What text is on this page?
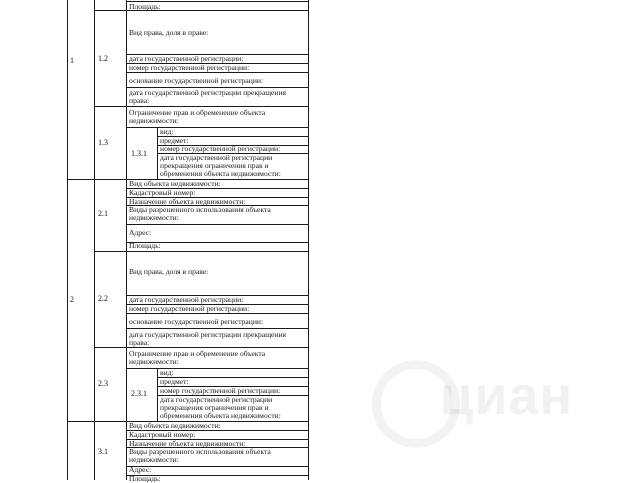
Площадь:
1	1.2
Вид права, доля в праве:
дата государственной регистрации:
номер государственной регистрации:
основание государственной регистрации:
дата государственной регистрации прекращения
права:
1.3
Ограничение прав и обременение объекта
недвижимости:
1.3.1
вид:
предмет:
номер государственной регистрации:
дата государственной регистрации
прекращения ограничения прав и
обременения объекта недвижимости:
2
2.1
Вид объекта недвижимости:
Кадастровый номер:
Назначение объекта недвижимости:
Виды разрешенного использования объекта
недвижимости:
Адрес:
Площадь:
2.2
Вид права, доля в праве:
дата государственной регистрации:
номер государственной регистрации:
основание государственной регистрации:
дата государственной регистрации прекращения
права:
2.3
Ограничение прав и обременение объекта
недвижимости:
2.3.1
вид:
предмет:
номер государственной регистрации:
дата государственной регистрации
прекращения ограничения прав и
обременения объекта недвижимости:
3.1
Вид объекта недвижимости:
Кадастровый номер:
Назначение объекта недвижимости:
Виды разрешенного использования объекта
недвижимости:
Адрес:
Площадь:
циан
